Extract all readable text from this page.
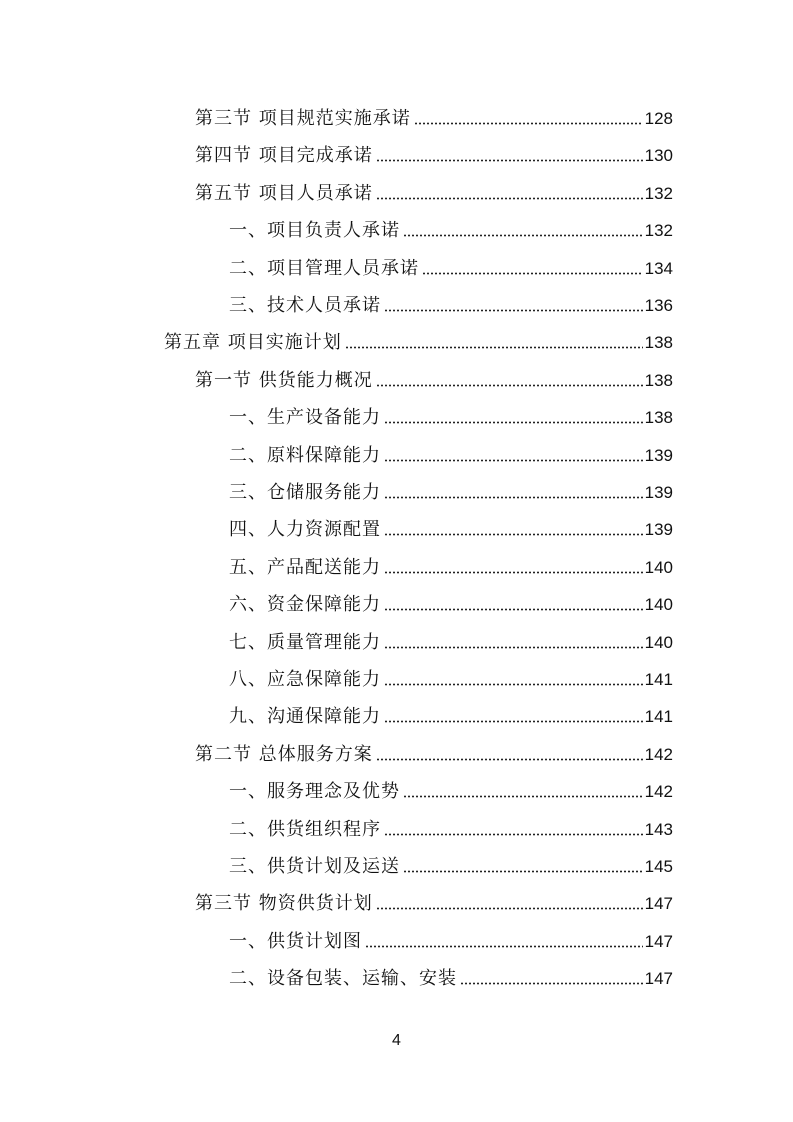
第三节 项目规范实施承诺	128
第四节 项目完成承诺	130
第五节 项目人员承诺	132
一、项目负责人承诺	132
二、项目管理人员承诺	134
三、技术人员承诺	136
第五章 项目实施计划	138
第一节 供货能力概况	138
一、生产设备能力	138
二、原料保障能力	139
三、仓储服务能力	139
四、人力资源配置	139
五、产品配送能力	140
六、资金保障能力	140
七、质量管理能力	140
八、应急保障能力	141
九、沟通保障能力	141
第二节 总体服务方案	142
一、服务理念及优势	142
二、供货组织程序	143
三、供货计划及运送	145
第三节 物资供货计划	147
一、供货计划图	147
二、设备包装、运输、安装	147
4
